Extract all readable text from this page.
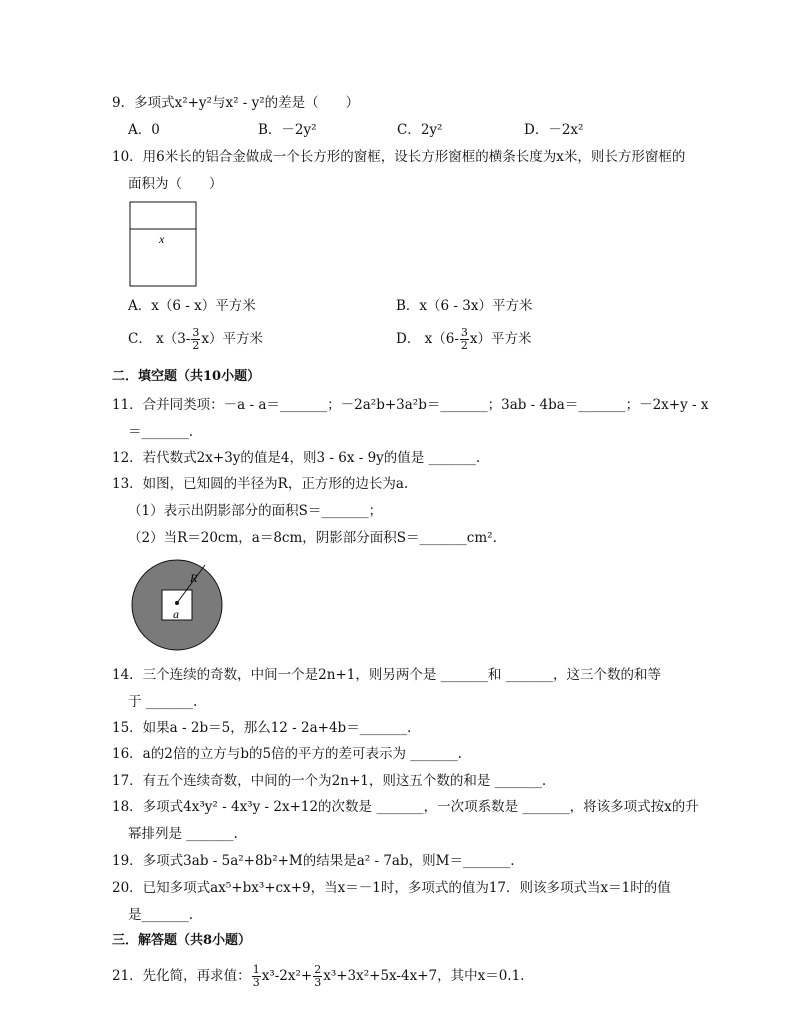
9．多项式x²+y²与x² - y²的差是（　　）
A．0	B．－2y²	C．2y²	D．－2x²
10．用6米长的铝合金做成一个长方形的窗框，设长方形窗框的横条长度为x米，则长方形窗框的
面积为（　　）
x
A．x（6 - x）平方米	B．x（6 - 3x）平方米
C． $x(3- \frac{3}{2} x)$平方米	D． $x(6- \frac{3}{2} x)$平方米
二．填空题（共10小题）
11．合并同类项：－a - a＝_______；－2a²b+3a²b＝_______；3ab - 4ba＝_______；－2x+y - x
＝_______.
12．若代数式2x+3y的值是4，则3 - 6x - 9y的值是 _______.
13．如图，已知圆的半径为R，正方形的边长为a.
（1）表示出阴影部分的面积S＝_______；
（2）当R＝20cm，a＝8cm，阴影部分面积S＝_______cm².
R
a
14．三个连续的奇数，中间一个是2n+1，则另两个是 _______和 _______，这三个数的和等
于 _______.
15．如果a - 2b＝5，那么12 - 2a+4b＝_______.
16．a的2倍的立方与b的5倍的平方的差可表示为 _______.
17．有五个连续奇数，中间的一个为2n+1，则这五个数的和是 _______.
18．多项式4x³y² - 4x³y - 2x+12的次数是 _______，一次项系数是 _______，将该多项式按x的升
幂排列是 _______.
19．多项式3ab - 5a²+8b²+M的结果是a² - 7ab，则M＝_______.
20．已知多项式ax⁵+bx³+cx+9，当x＝－1时，多项式的值为17．则该多项式当x＝1时的值
是_______.
三．解答题（共8小题）
21．先化简，再求值： $\frac{1}{3} x^3-2x^2+ \frac{2}{3} x^3+3x^2+5x-4x+7$，其中x＝0.1.
